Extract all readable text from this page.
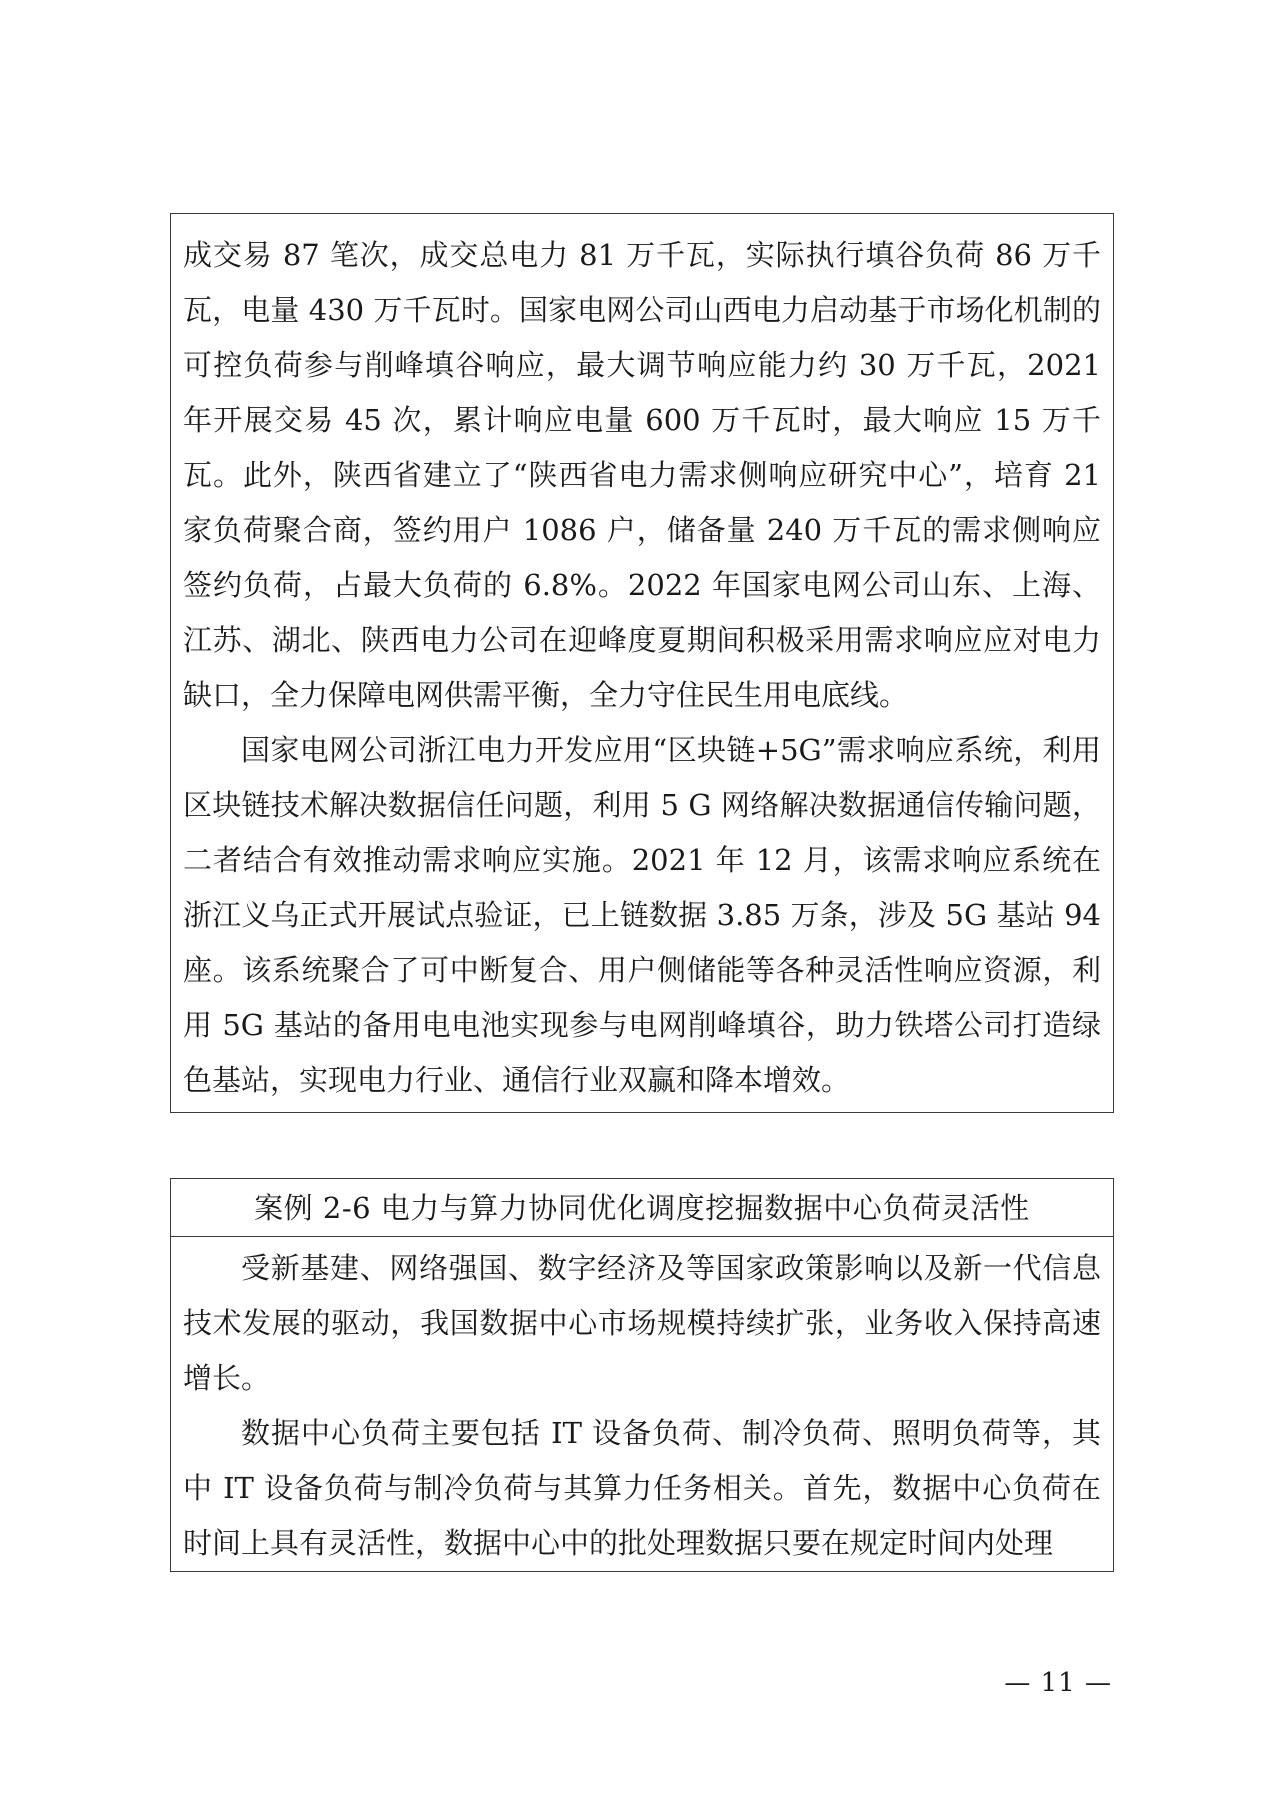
成交易 87 笔次，成交总电力 81 万千瓦，实际执行填谷负荷 86 万千瓦，电量 430 万千瓦时。国家电网公司山西电力启动基于市场化机制的可控负荷参与削峰填谷响应，最大调节响应能力约 30 万千瓦，2021 年开展交易 45 次，累计响应电量 600 万千瓦时，最大响应 15 万千瓦。此外，陕西省建立了“陕西省电力需求侧响应研究中心”，培育 21 家负荷聚合商，签约用户 1086 户，储备量 240 万千瓦的需求侧响应签约负荷，占最大负荷的 6.8%。2022 年国家电网公司山东、上海、江苏、湖北、陕西电力公司在迎峰度夏期间积极采用需求响应应对电力缺口，全力保障电网供需平衡，全力守住民生用电底线。

国家电网公司浙江电力开发应用“区块链+5G”需求响应系统，利用区块链技术解决数据信任问题，利用 5 G 网络解决数据通信传输问题，二者结合有效推动需求响应实施。2021 年 12 月，该需求响应系统在浙江义乌正式开展试点验证，已上链数据 3.85 万条，涉及 5G 基站 94 座。该系统聚合了可中断复合、用户侧储能等各种灵活性响应资源，利用 5G 基站的备用电电池实现参与电网削峰填谷，助力铁塔公司打造绿色基站，实现电力行业、通信行业双赢和降本增效。

案例 2-6 电力与算力协同优化调度挖掘数据中心负荷灵活性

受新基建、网络强国、数字经济及等国家政策影响以及新一代信息技术发展的驱动，我国数据中心市场规模持续扩张，业务收入保持高速增长。

数据中心负荷主要包括 IT 设备负荷、制冷负荷、照明负荷等，其中 IT 设备负荷与制冷负荷与其算力任务相关。首先，数据中心负荷在时间上具有灵活性，数据中心中的批处理数据只要在规定时间内处理

— 11 —
